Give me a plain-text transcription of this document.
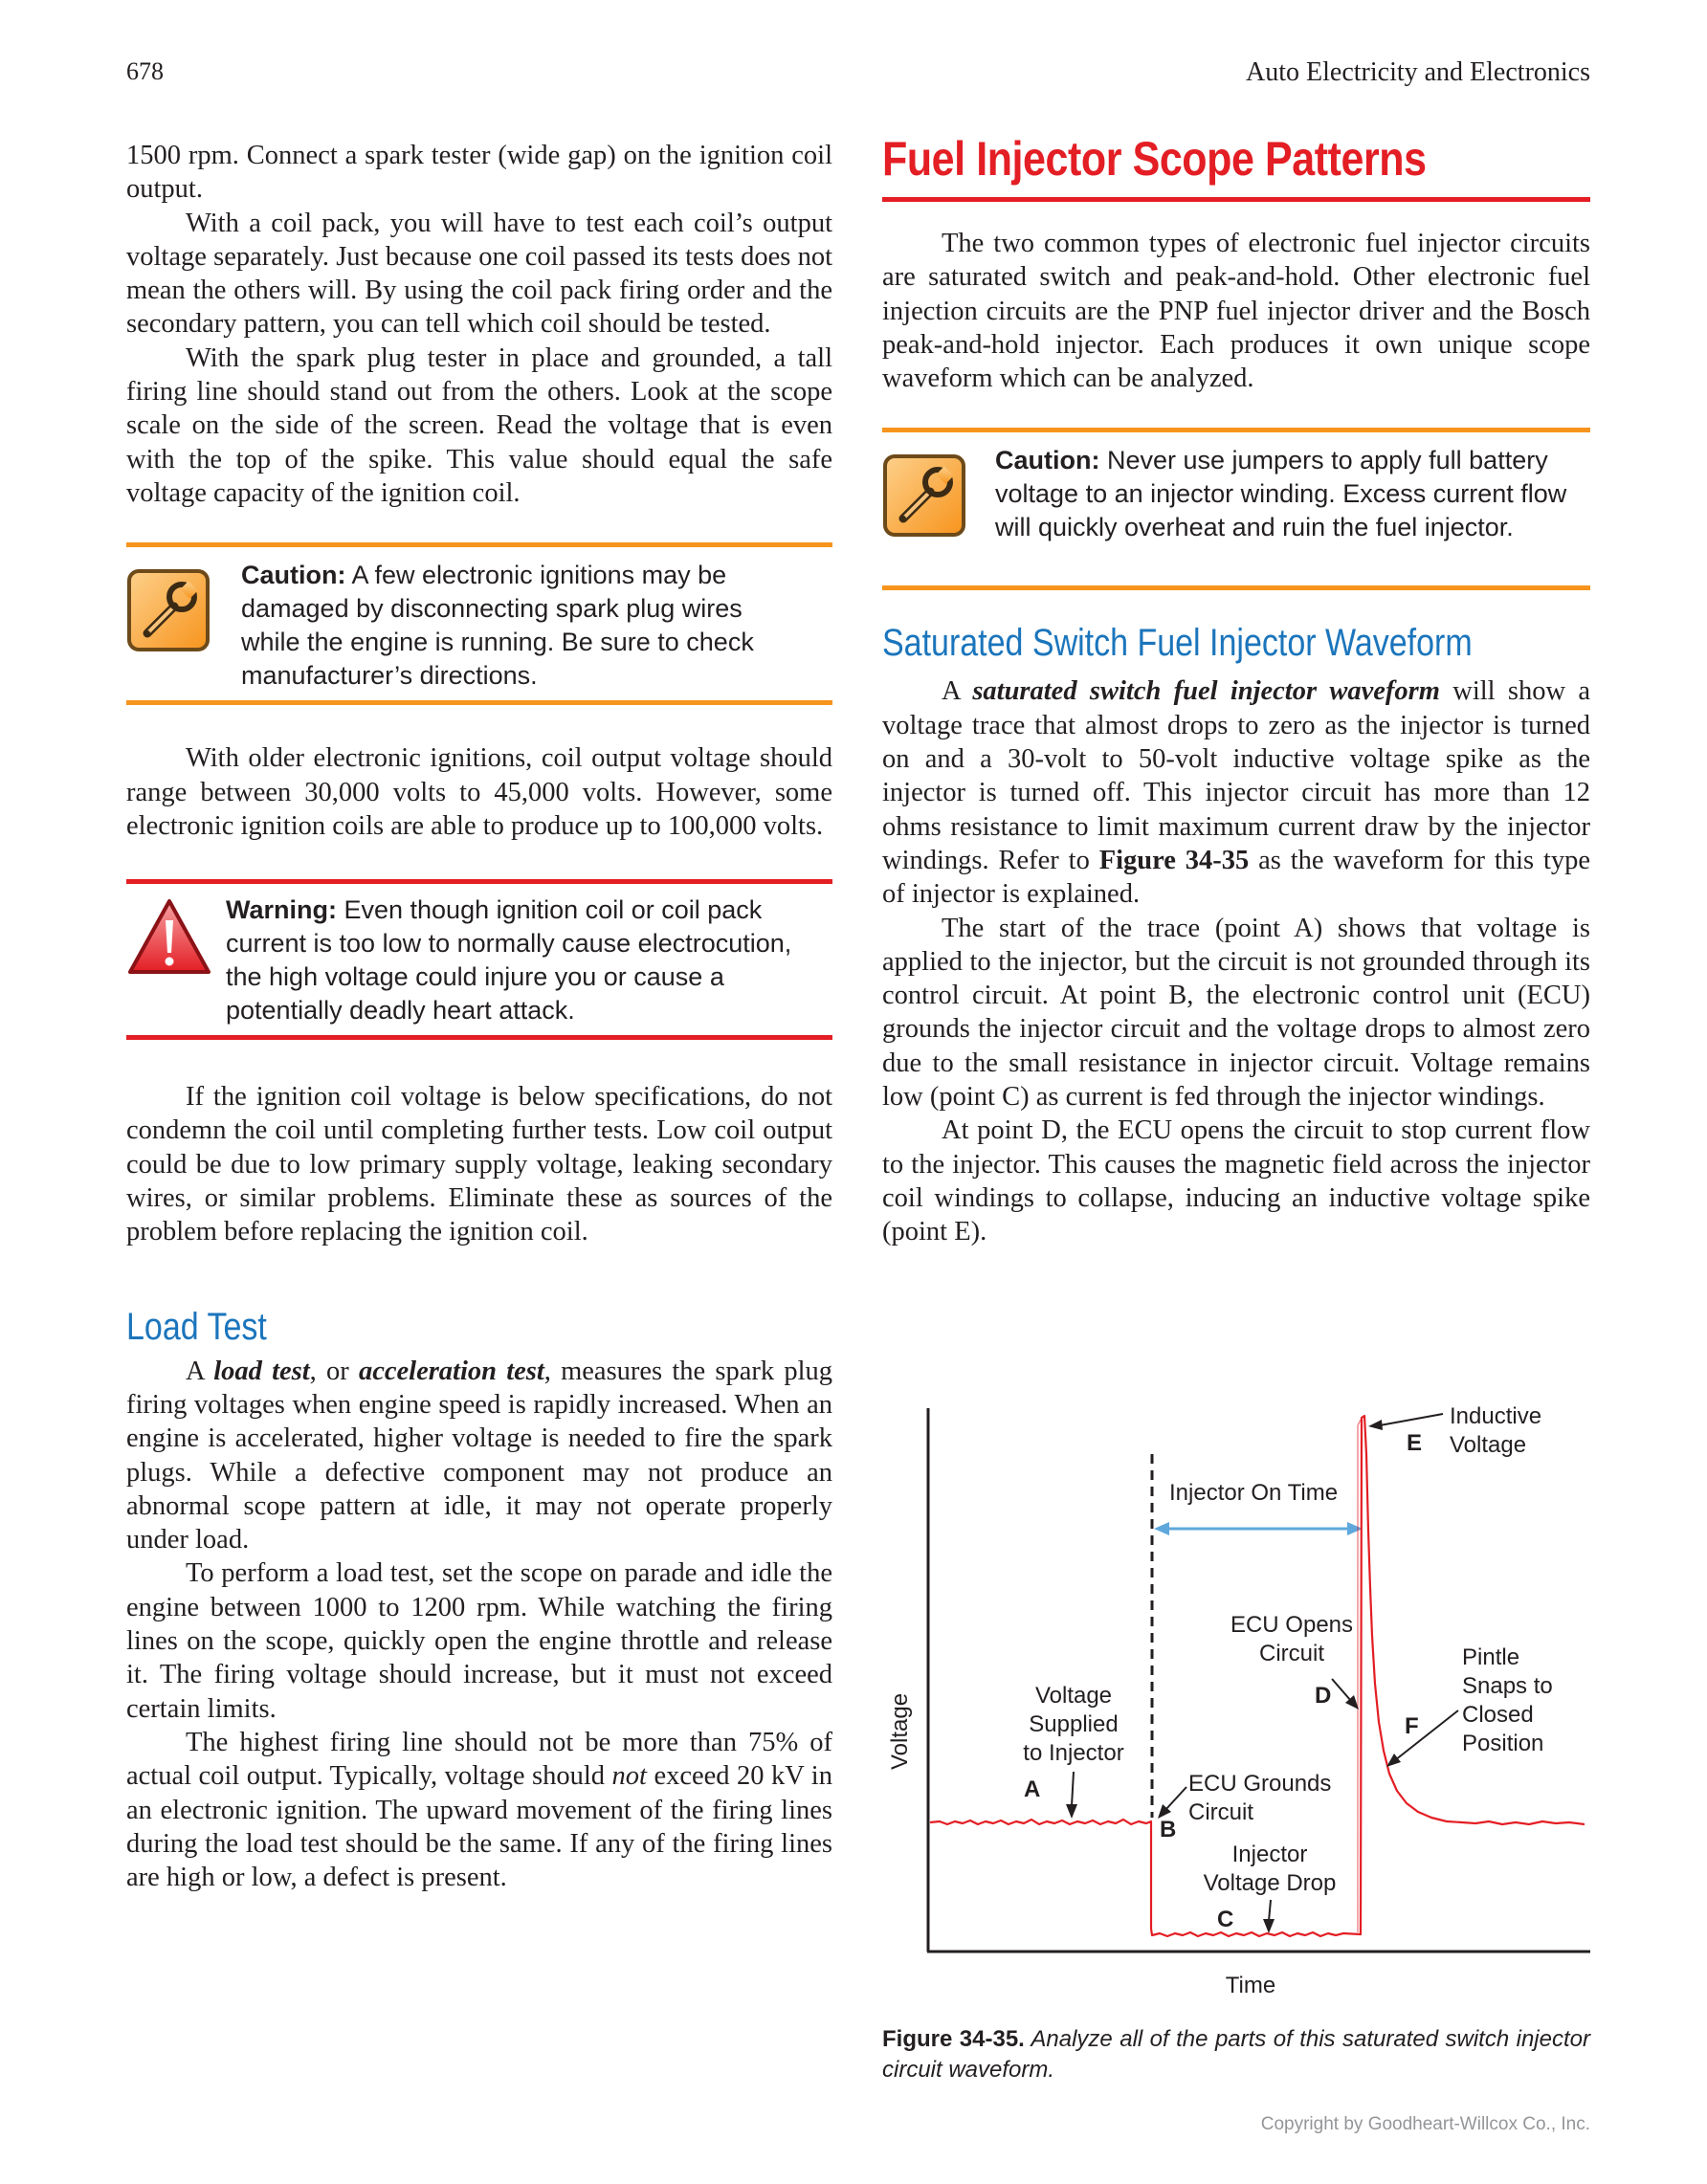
678	Auto Electricity and Electronics

1500 rpm. Connect a spark tester (wide gap) on the ignition coil output.

With a coil pack, you will have to test each coil’s output voltage separately. Just because one coil passed its tests does not mean the others will. By using the coil pack firing order and the secondary pattern, you can tell which coil should be tested.

With the spark plug tester in place and grounded, a tall firing line should stand out from the others. Look at the scope scale on the side of the screen. Read the voltage that is even with the top of the spike. This value should equal the safe voltage capacity of the ignition coil.

Caution: A few electronic ignitions may be damaged by disconnecting spark plug wires while the engine is running. Be sure to check manufacturer’s directions.

With older electronic ignitions, coil output voltage should range between 30,000 volts to 45,000 volts. However, some electronic ignition coils are able to produce up to 100,000 volts.

Warning: Even though ignition coil or coil pack current is too low to normally cause electrocution, the high voltage could injure you or cause a potentially deadly heart attack.

If the ignition coil voltage is below specifications, do not condemn the coil until completing further tests. Low coil output could be due to low primary supply voltage, leaking secondary wires, or similar problems. Eliminate these as sources of the problem before replacing the ignition coil.

Load Test

A load test, or acceleration test, measures the spark plug firing voltages when engine speed is rapidly increased. When an engine is accelerated, higher voltage is needed to fire the spark plugs. While a defective component may not produce an abnormal scope pattern at idle, it may not operate properly under load.

To perform a load test, set the scope on parade and idle the engine between 1000 to 1200 rpm. While watching the firing lines on the scope, quickly open the engine throttle and release it. The firing voltage should increase, but it must not exceed certain limits.

The highest firing line should not be more than 75% of actual coil output. Typically, voltage should not exceed 20 kV in an electronic ignition. The upward movement of the firing lines during the load test should be the same. If any of the firing lines are high or low, a defect is present.

Fuel Injector Scope Patterns

The two common types of electronic fuel injector circuits are saturated switch and peak-and-hold. Other electronic fuel injection circuits are the PNP fuel injector driver and the Bosch peak-and-hold injector. Each produces it own unique scope waveform which can be analyzed.

Caution: Never use jumpers to apply full battery voltage to an injector winding. Excess current flow will quickly overheat and ruin the fuel injector.
Saturated Switch Fuel Injector Waveform

A saturated switch fuel injector waveform will show a voltage trace that almost drops to zero as the injector is turned on and a 30-volt to 50-volt inductive voltage spike as the injector is turned off. This injector circuit has more than 12 ohms resistance to limit maximum current draw by the injector windings. Refer to Figure 34-35 as the waveform for this type of injector is explained.

The start of the trace (point A) shows that voltage is applied to the injector, but the circuit is not grounded through its control circuit. At point B, the electronic control unit (ECU) grounds the injector circuit and the voltage drops to almost zero due to the small resistance in injector circuit. Voltage remains low (point C) as current is fed through the injector windings.

At point D, the ECU opens the circuit to stop current flow to the injector. This causes the magnetic field across the injector coil windings to collapse, inducing an inductive voltage spike (point E).

Voltage
Time
Injector On Time
Inductive
Voltage
E
ECU Opens
Circuit
D
Pintle
Snaps to
Closed
Position
F
Voltage
Supplied
to Injector
A	ECU Grounds
Circuit
B
Injector
Voltage Drop
C
Figure 34-35. Analyze all of the parts of this saturated switch injector circuit waveform.
Copyright by Goodheart-Willcox Co., Inc.
